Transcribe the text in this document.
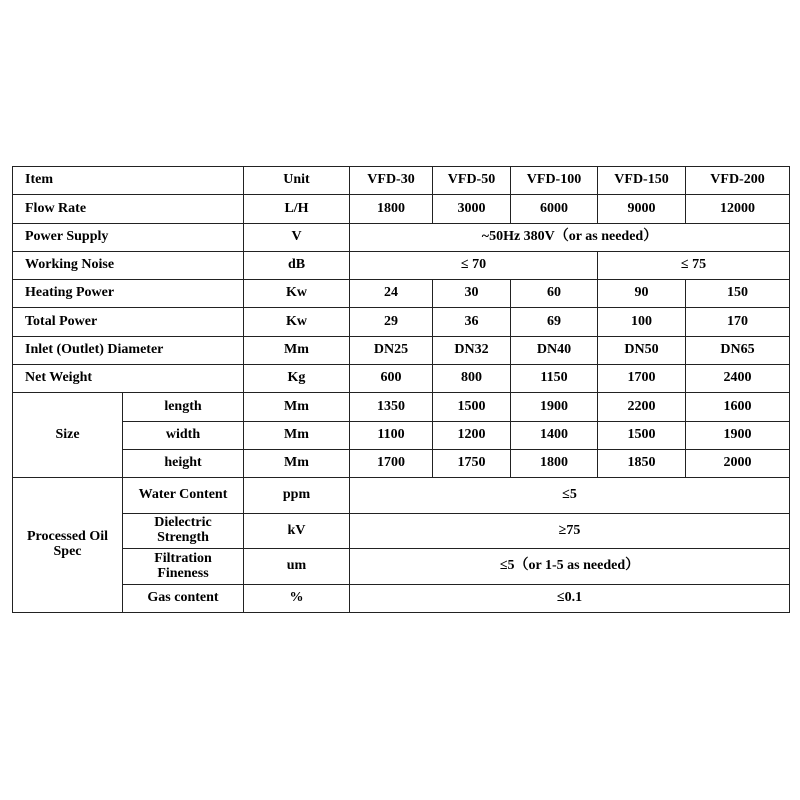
Item		Unit	VFD-30	VFD-50	VFD-100	VFD-150	VFD-200
Flow Rate		L/H	1800	3000	6000	9000	12000
Power Supply		V	~50Hz 380V（or as needed）				
Working Noise		dB	≤ 70			≤ 75	
Heating Power		Kw	24	30	60	90	150
Total Power		Kw	29	36	69	100	170
Inlet (Outlet) Diameter		Mm	DN25	DN32	DN40	DN50	DN65
Net Weight		Kg	600	800	1150	1700	2400
Size	length	Mm	1350	1500	1900	2200	1600
	width	Mm	1100	1200	1400	1500	1900
	height	Mm	1700	1750	1800	1850	2000
Processed Oil Spec	Water Content	ppm	≤5				
	Dielectric Strength	kV	≥75				
	Filtration Fineness	um	≤5（or 1-5 as needed）				
	Gas content	%	≤0.1				
